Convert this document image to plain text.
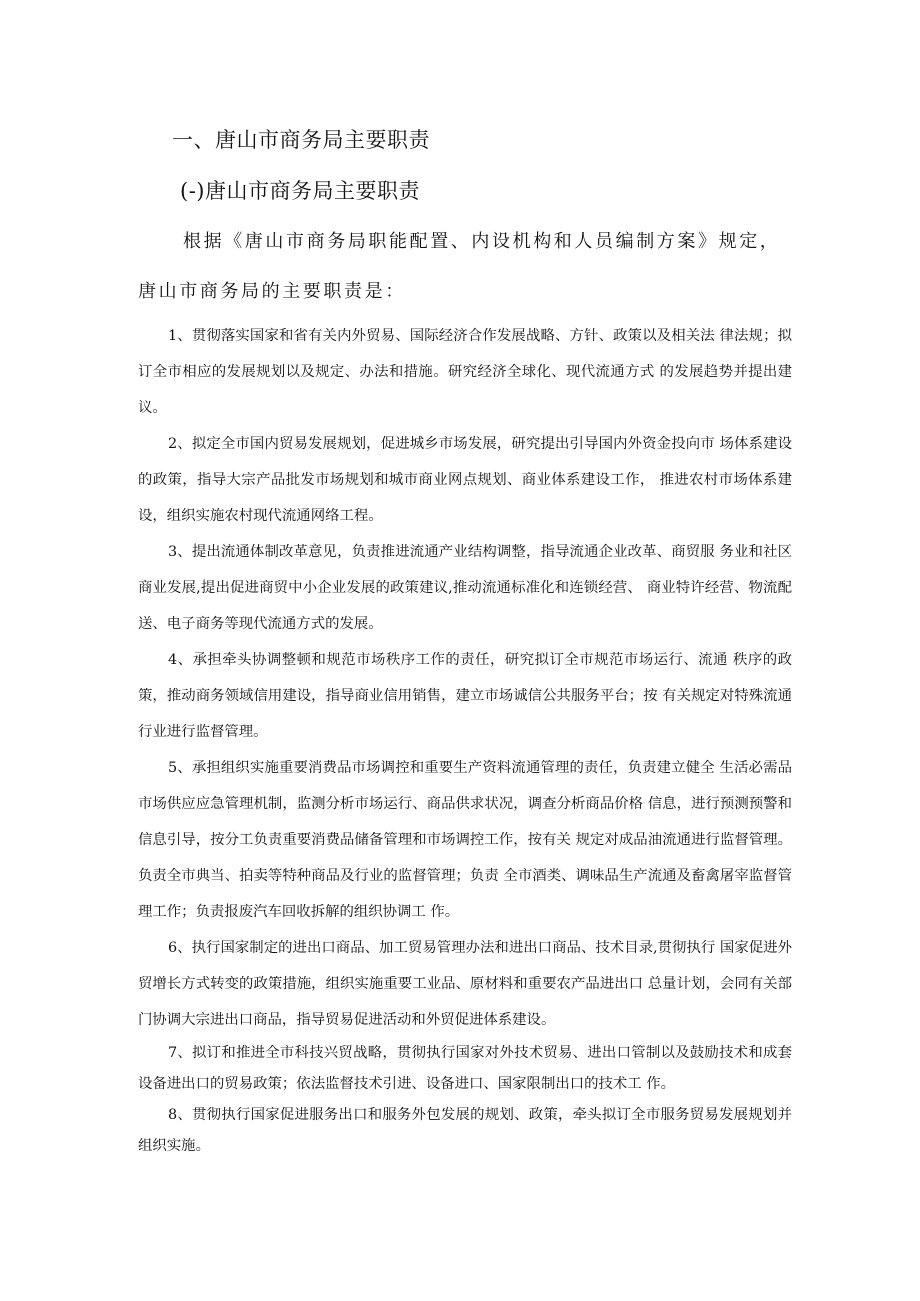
一、唐山市商务局主要职责
(-)唐山市商务局主要职责
根据《唐山市商务局职能配置、内设机构和人员编制方案》规定，
唐山市商务局的主要职责是：

1、贯彻落实国家和省有关内外贸易、国际经济合作发展战略、方针、政策以及相关法 律法规；拟订全市相应的发展规划以及规定、办法和措施。研究经济全球化、现代流通方式 的发展趋势并提出建议。

2、拟定全市国内贸易发展规划，促进城乡市场发展，研究提出引导国内外资金投向市 场体系建设的政策，指导大宗产品批发市场规划和城市商业网点规划、商业体系建设工作， 推进农村市场体系建设，组织实施农村现代流通网络工程。

3、提出流通体制改革意见，负责推进流通产业结构调整，指导流通企业改革、商贸服 务业和社区商业发展,提出促进商贸中小企业发展的政策建议,推动流通标准化和连锁经营、 商业特许经营、物流配送、电子商务等现代流通方式的发展。

4、承担牵头协调整顿和规范市场秩序工作的责任，研究拟订全市规范市场运行、流通 秩序的政策，推动商务领域信用建设，指导商业信用销售，建立市场诚信公共服务平台；按 有关规定对特殊流通行业进行监督管理。

5、承担组织实施重要消费品市场调控和重要生产资料流通管理的责任，负责建立健全 生活必需品市场供应应急管理机制，监测分析市场运行、商品供求状况，调查分析商品价格 信息，进行预测预警和信息引导，按分工负责重要消费品储备管理和市场调控工作，按有关 规定对成品油流通进行监督管理。负责全市典当、拍卖等特种商品及行业的监督管理；负责 全市酒类、调味品生产流通及畜禽屠宰监督管理工作；负责报废汽车回收拆解的组织协调工 作。

6、执行国家制定的进出口商品、加工贸易管理办法和进出口商品、技术目录,贯彻执行 国家促进外贸增长方式转变的政策措施，组织实施重要工业品、原材料和重要农产品进出口 总量计划，会同有关部门协调大宗进出口商品，指导贸易促进活动和外贸促进体系建设。

7、拟订和推进全市科技兴贸战略，贯彻执行国家对外技术贸易、进出口管制以及鼓励技术和成套设备进出口的贸易政策；依法监督技术引进、设备进口、国家限制出口的技术工 作。

8、贯彻执行国家促进服务出口和服务外包发展的规划、政策，牵头拟订全市服务贸易发展规划并组织实施。
